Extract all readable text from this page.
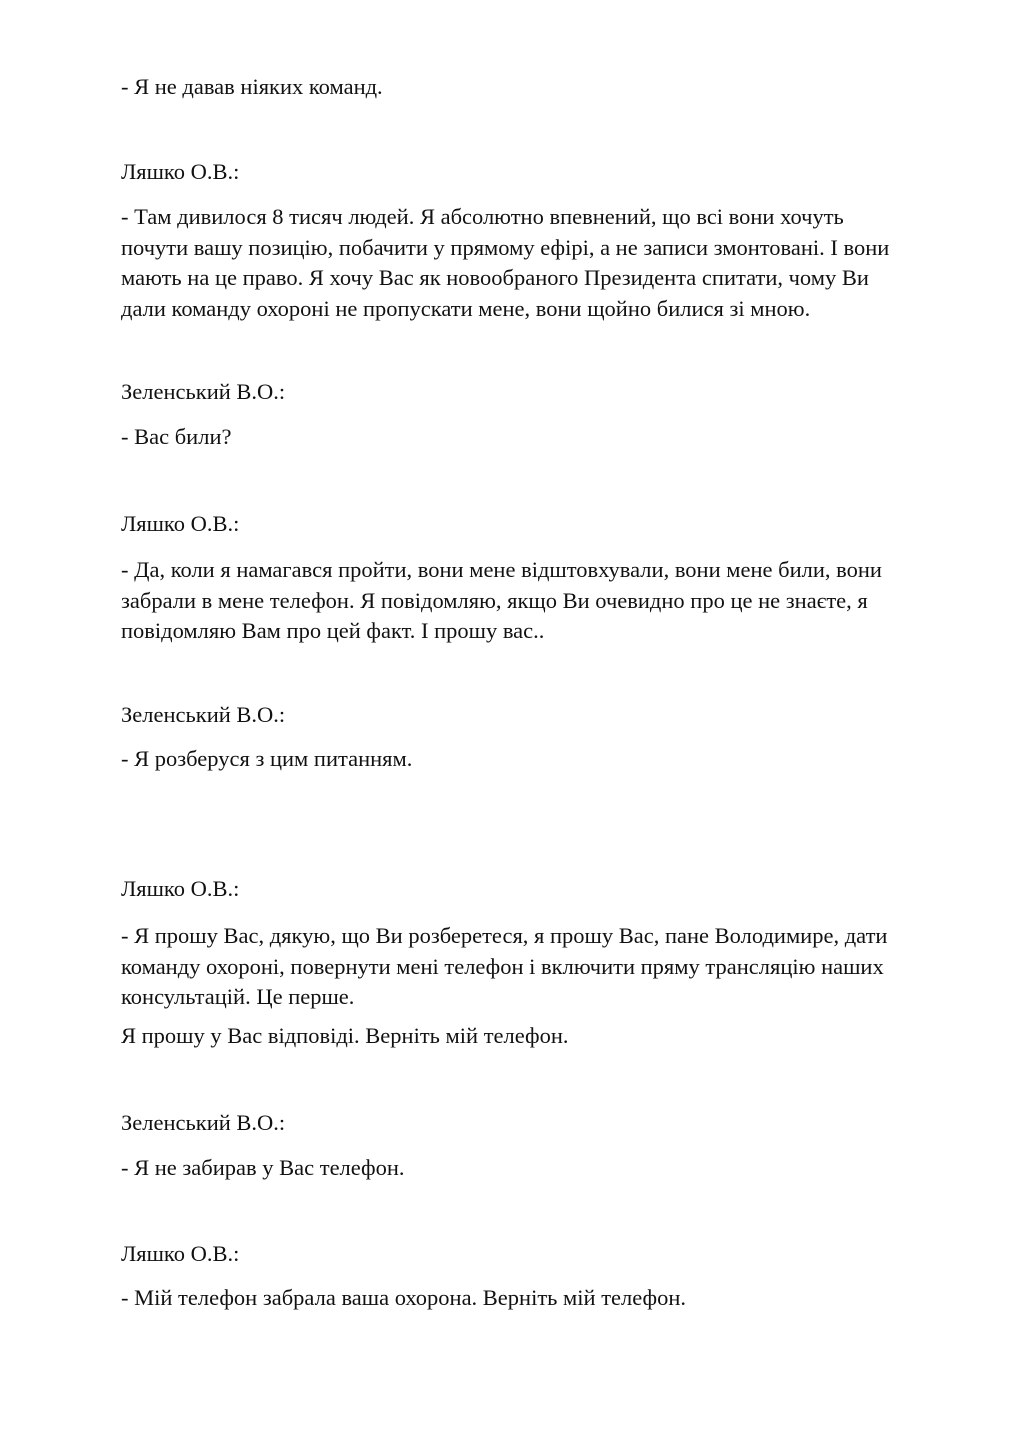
- Я не давав ніяких команд.

Ляшко О.В.:

- Там дивилося 8 тисяч людей. Я абсолютно впевнений, що всі вони хочуть
почути вашу позицію, побачити у прямому ефірі, а не записи змонтовані. І вони
мають на це право. Я хочу Вас як новообраного Президента спитати, чому Ви
дали команду охороні не пропускати мене, вони щойно билися зі мною.

Зеленський В.О.:

- Вас били?

Ляшко О.В.:

- Да, коли я намагався пройти, вони мене відштовхували, вони мене били, вони
забрали в мене телефон. Я повідомляю, якщо Ви очевидно про це не знаєте, я
повідомляю Вам про цей факт. І прошу вас..

Зеленський В.О.:

- Я розберуся з цим питанням.

Ляшко О.В.:

- Я прошу Вас, дякую, що Ви розберетеся, я прошу Вас, пане Володимире, дати
команду охороні, повернути мені телефон і включити пряму трансляцію наших
консультацій. Це перше.

Я прошу у Вас відповіді. Верніть мій телефон.

Зеленський В.О.:

- Я не забирав у Вас телефон.

Ляшко О.В.:

- Мій телефон забрала ваша охорона. Верніть мій телефон.
